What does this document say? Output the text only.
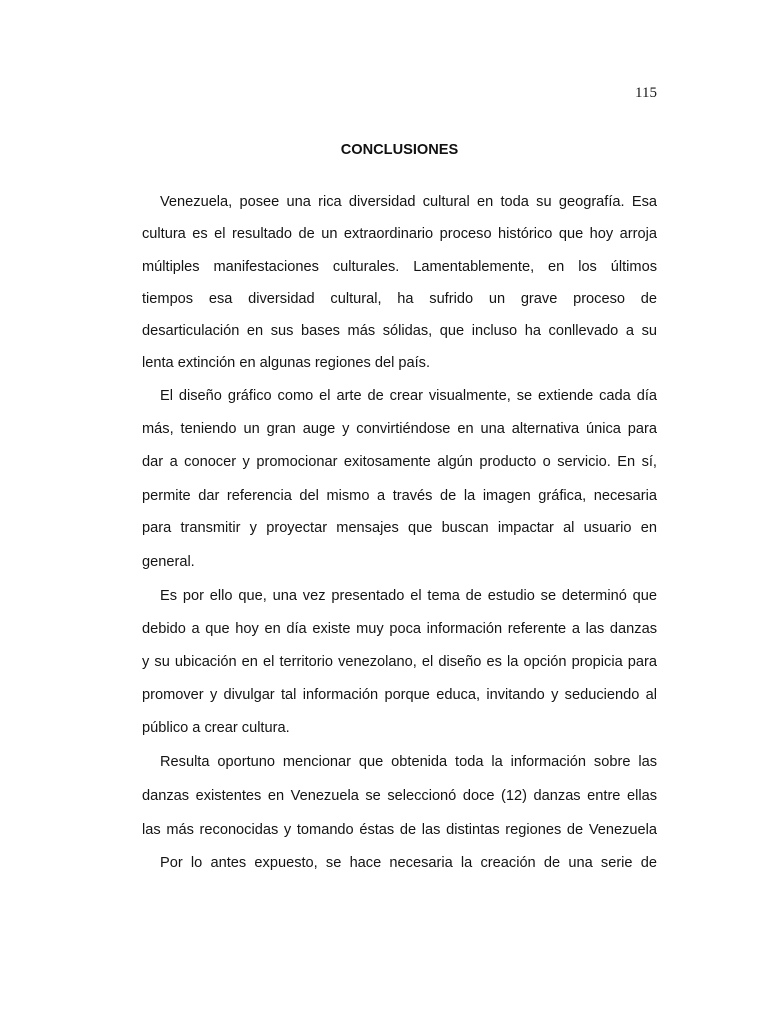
115
CONCLUSIONES
Venezuela, posee una rica diversidad cultural en toda su geografía. Esa
cultura es el resultado de un extraordinario proceso histórico que hoy arroja
múltiples manifestaciones culturales. Lamentablemente, en los últimos
tiempos esa diversidad cultural, ha sufrido un grave proceso de
desarticulación en sus bases más sólidas, que incluso ha conllevado a su
lenta extinción en algunas regiones del país.
El diseño gráfico como el arte de crear visualmente, se extiende cada día
más, teniendo un gran auge y convirtiéndose en una alternativa única para
dar a conocer y promocionar exitosamente algún producto o servicio. En sí,
permite dar referencia del mismo a través de la imagen gráfica, necesaria
para transmitir y proyectar mensajes que buscan impactar al usuario en
general.
Es por ello que, una vez presentado el tema de estudio se determinó que
debido a que hoy en día existe muy poca información referente a las danzas
y su ubicación en el territorio venezolano, el diseño es la opción propicia para
promover y divulgar tal información porque educa, invitando y seduciendo al
público a crear cultura.
Resulta oportuno mencionar que obtenida toda la información sobre las
danzas existentes en Venezuela se seleccionó doce (12) danzas entre ellas
las más reconocidas y tomando éstas de las distintas regiones de Venezuela
Por lo antes expuesto, se hace necesaria la creación de una serie de
